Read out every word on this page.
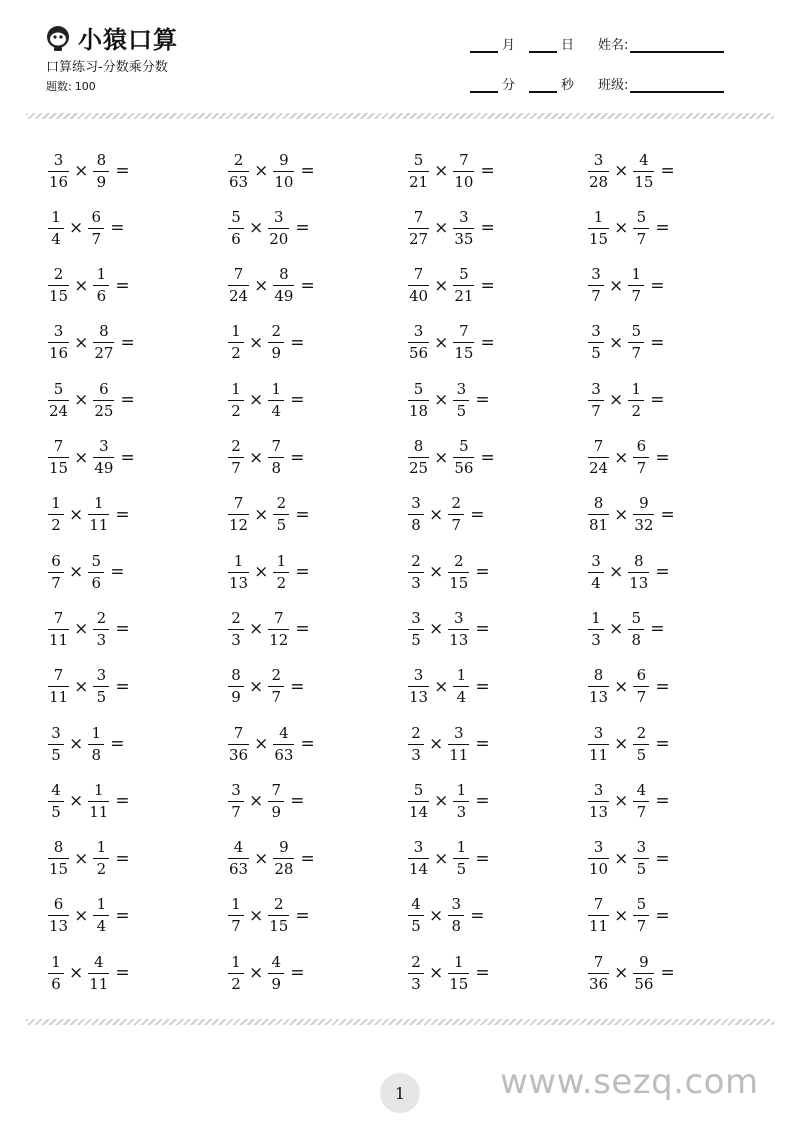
小猿口算
口算练习-分数乘分数
题数: 100
月	日 姓名:
分	秒 班级:
$\frac{3}{16} \times \frac{8}{9}$ =	$\frac{2}{63} \times \frac{9}{10}$ =	$\frac{5}{21} \times \frac{7}{10}$ =	$\frac{3}{28} \times \frac{4}{15}$ =
$\frac{1}{4} \times \frac{6}{7}$ =	$\frac{5}{6} \times \frac{3}{20}$ =	$\frac{7}{27} \times \frac{3}{35}$ =	$\frac{1}{15} \times \frac{5}{7}$ =
$\frac{2}{15} \times \frac{1}{6}$ =	$\frac{7}{24} \times \frac{8}{49}$ =	$\frac{7}{40} \times \frac{5}{21}$ =	$\frac{3}{7} \times \frac{1}{7}$ =
$\frac{3}{16} \times \frac{8}{27}$ =	$\frac{1}{2} \times \frac{2}{9}$ =	$\frac{3}{56} \times \frac{7}{15}$ =	$\frac{3}{5} \times \frac{5}{7}$ =
$\frac{5}{24} \times \frac{6}{25}$ =	$\frac{1}{2} \times \frac{1}{4}$ =	$\frac{5}{18} \times \frac{3}{5}$ =	$\frac{3}{7} \times \frac{1}{2}$ =
$\frac{7}{15} \times \frac{3}{49}$ =	$\frac{2}{7} \times \frac{7}{8}$ =	$\frac{8}{25} \times \frac{5}{56}$ =	$\frac{7}{24} \times \frac{6}{7}$ =
$\frac{1}{2} \times \frac{1}{11}$ =	$\frac{7}{12} \times \frac{2}{5}$ =	$\frac{3}{8} \times \frac{2}{7}$ =	$\frac{8}{81} \times \frac{9}{32}$ =
$\frac{6}{7} \times \frac{5}{6}$ =	$\frac{1}{13} \times \frac{1}{2}$ =	$\frac{2}{3} \times \frac{2}{15}$ =	$\frac{3}{4} \times \frac{8}{13}$ =
$\frac{7}{11} \times \frac{2}{3}$ =	$\frac{2}{3} \times \frac{7}{12}$ =	$\frac{3}{5} \times \frac{3}{13}$ =	$\frac{1}{3} \times \frac{5}{8}$ =
$\frac{7}{11} \times \frac{3}{5}$ =	$\frac{8}{9} \times \frac{2}{7}$ =	$\frac{3}{13} \times \frac{1}{4}$ =	$\frac{8}{13} \times \frac{6}{7}$ =
$\frac{3}{5} \times \frac{1}{8}$ =	$\frac{7}{36} \times \frac{4}{63}$ =	$\frac{2}{3} \times \frac{3}{11}$ =	$\frac{3}{11} \times \frac{2}{5}$ =
$\frac{4}{5} \times \frac{1}{11}$ =	$\frac{3}{7} \times \frac{7}{9}$ =	$\frac{5}{14} \times \frac{1}{3}$ =	$\frac{3}{13} \times \frac{4}{7}$ =
$\frac{8}{15} \times \frac{1}{2}$ =	$\frac{4}{63} \times \frac{9}{28}$ =	$\frac{3}{14} \times \frac{1}{5}$ =	$\frac{3}{10} \times \frac{3}{5}$ =
$\frac{6}{13} \times \frac{1}{4}$ =	$\frac{1}{7} \times \frac{2}{15}$ =	$\frac{4}{5} \times \frac{3}{8}$ =	$\frac{7}{11} \times \frac{5}{7}$ =
$\frac{1}{6} \times \frac{4}{11}$ =	$\frac{1}{2} \times \frac{4}{9}$ =	$\frac{2}{3} \times \frac{1}{15}$ =	$\frac{7}{36} \times \frac{9}{56}$ =
1	www.sezq.com
